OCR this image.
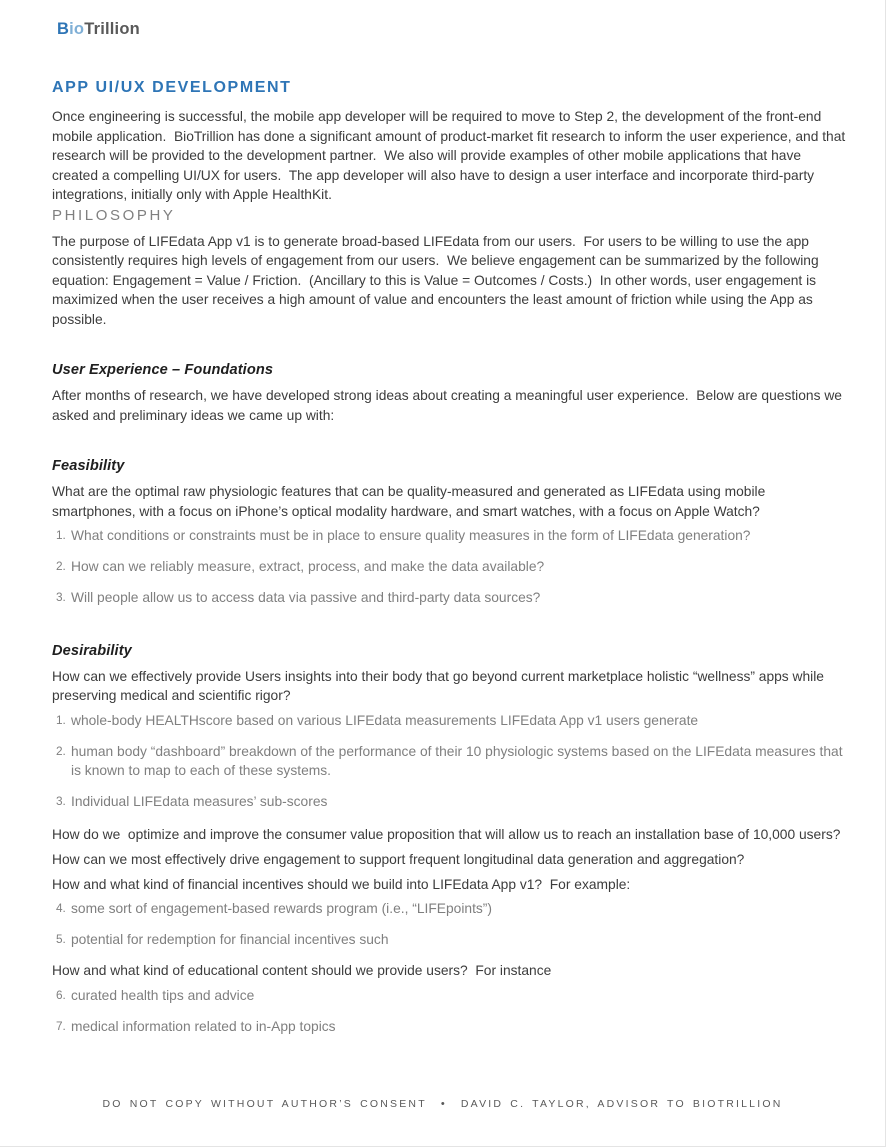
BioTrillion
APP UI/UX DEVELOPMENT

Once engineering is successful, the mobile app developer will be required to move to Step 2, the development of the front-end mobile application.  BioTrillion has done a significant amount of product-market fit research to inform the user experience, and that research will be provided to the development partner.  We also will provide examples of other mobile applications that have created a compelling UI/UX for users.  The app developer will also have to design a user interface and incorporate third-party integrations, initially only with Apple HealthKit.

PHILOSOPHY

The purpose of LIFEdata App v1 is to generate broad-based LIFEdata from our users.  For users to be willing to use the app consistently requires high levels of engagement from our users.  We believe engagement can be summarized by the following equation: Engagement = Value / Friction.  (Ancillary to this is Value = Outcomes / Costs.)  In other words, user engagement is maximized when the user receives a high amount of value and encounters the least amount of friction while using the App as possible.

User Experience – Foundations

After months of research, we have developed strong ideas about creating a meaningful user experience.  Below are questions we asked and preliminary ideas we came up with:

Feasibility

What are the optimal raw physiologic features that can be quality-measured and generated as LIFEdata using mobile smartphones, with a focus on iPhone’s optical modality hardware, and smart watches, with a focus on Apple Watch?

1. What conditions or constraints must be in place to ensure quality measures in the form of LIFEdata generation?
2. How can we reliably measure, extract, process, and make the data available?
3. Will people allow us to access data via passive and third-party data sources?
Desirability

How can we effectively provide Users insights into their body that go beyond current marketplace holistic “wellness” apps while preserving medical and scientific rigor?

1. whole-body HEALTHscore based on various LIFEdata measurements LIFEdata App v1 users generate
2. human body “dashboard” breakdown of the performance of their 10 physiologic systems based on the LIFEdata measures that is known to map to each of these systems.
3. Individual LIFEdata measures’ sub-scores

How do we  optimize and improve the consumer value proposition that will allow us to reach an installation base of 10,000 users?

How can we most effectively drive engagement to support frequent longitudinal data generation and aggregation?

How and what kind of financial incentives should we build into LIFEdata App v1?  For example:

4. some sort of engagement-based rewards program (i.e., “LIFEpoints”)
5. potential for redemption for financial incentives such

How and what kind of educational content should we provide users?  For instance

6. curated health tips and advice
7. medical information related to in-App topics
DO NOT COPY WITHOUT AUTHOR’S CONSENT • DAVID C. TAYLOR, ADVISOR TO BIOTRILLION
